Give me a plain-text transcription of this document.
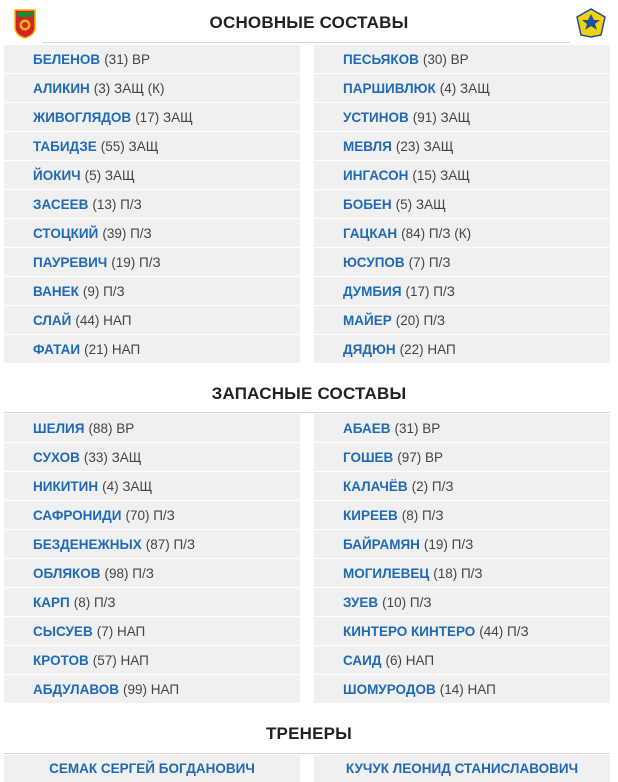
ОСНОВНЫЕ СОСТАВЫ
БЕЛЕНОВ (31) ВР
АЛИКИН (3) ЗАЩ (К)
ЖИВОГЛЯДОВ (17) ЗАЩ
ТАБИДЗЕ (55) ЗАЩ
ЙОКИЧ (5) ЗАЩ
ЗАСЕЕВ (13) П/З
СТОЦКИЙ (39) П/З
ПАУРЕВИЧ (19) П/З
ВАНЕК (9) П/З
СЛАЙ (44) НАП
ФАТАИ (21) НАП
ПЕСЬЯКОВ (30) ВР
ПАРШИВЛЮК (4) ЗАЩ
УСТИНОВ (91) ЗАЩ
МЕВЛЯ (23) ЗАЩ
ИНГАСОН (15) ЗАЩ
БОБЕН (5) ЗАЩ
ГАЦКАН (84) П/З (К)
ЮСУПОВ (7) П/З
ДУМБИЯ (17) П/З
МАЙЕР (20) П/З
ДЯДЮН (22) НАП
ЗАПАСНЫЕ СОСТАВЫ
ШЕЛИЯ (88) ВР
СУХОВ (33) ЗАЩ
НИКИТИН (4) ЗАЩ
САФРОНИДИ (70) П/З
БЕЗДЕНЕЖНЫХ (87) П/З
ОБЛЯКОВ (98) П/З
КАРП (8) П/З
СЫСУЕВ (7) НАП
КРОТОВ (57) НАП
АБДУЛАВОВ (99) НАП
АБАЕВ (31) ВР
ГОШЕВ (97) ВР
КАЛАЧЁВ (2) П/З
КИРЕЕВ (8) П/З
БАЙРАМЯН (19) П/З
МОГИЛЕВЕЦ (18) П/З
ЗУЕВ (10) П/З
КИНТЕРО КИНТЕРО (44) П/З
САИД (6) НАП
ШОМУРОДОВ (14) НАП
ТРЕНЕРЫ
СЕМАК СЕРГЕЙ БОГДАНОВИЧ	КУЧУК ЛЕОНИД СТАНИСЛАВОВИЧ
